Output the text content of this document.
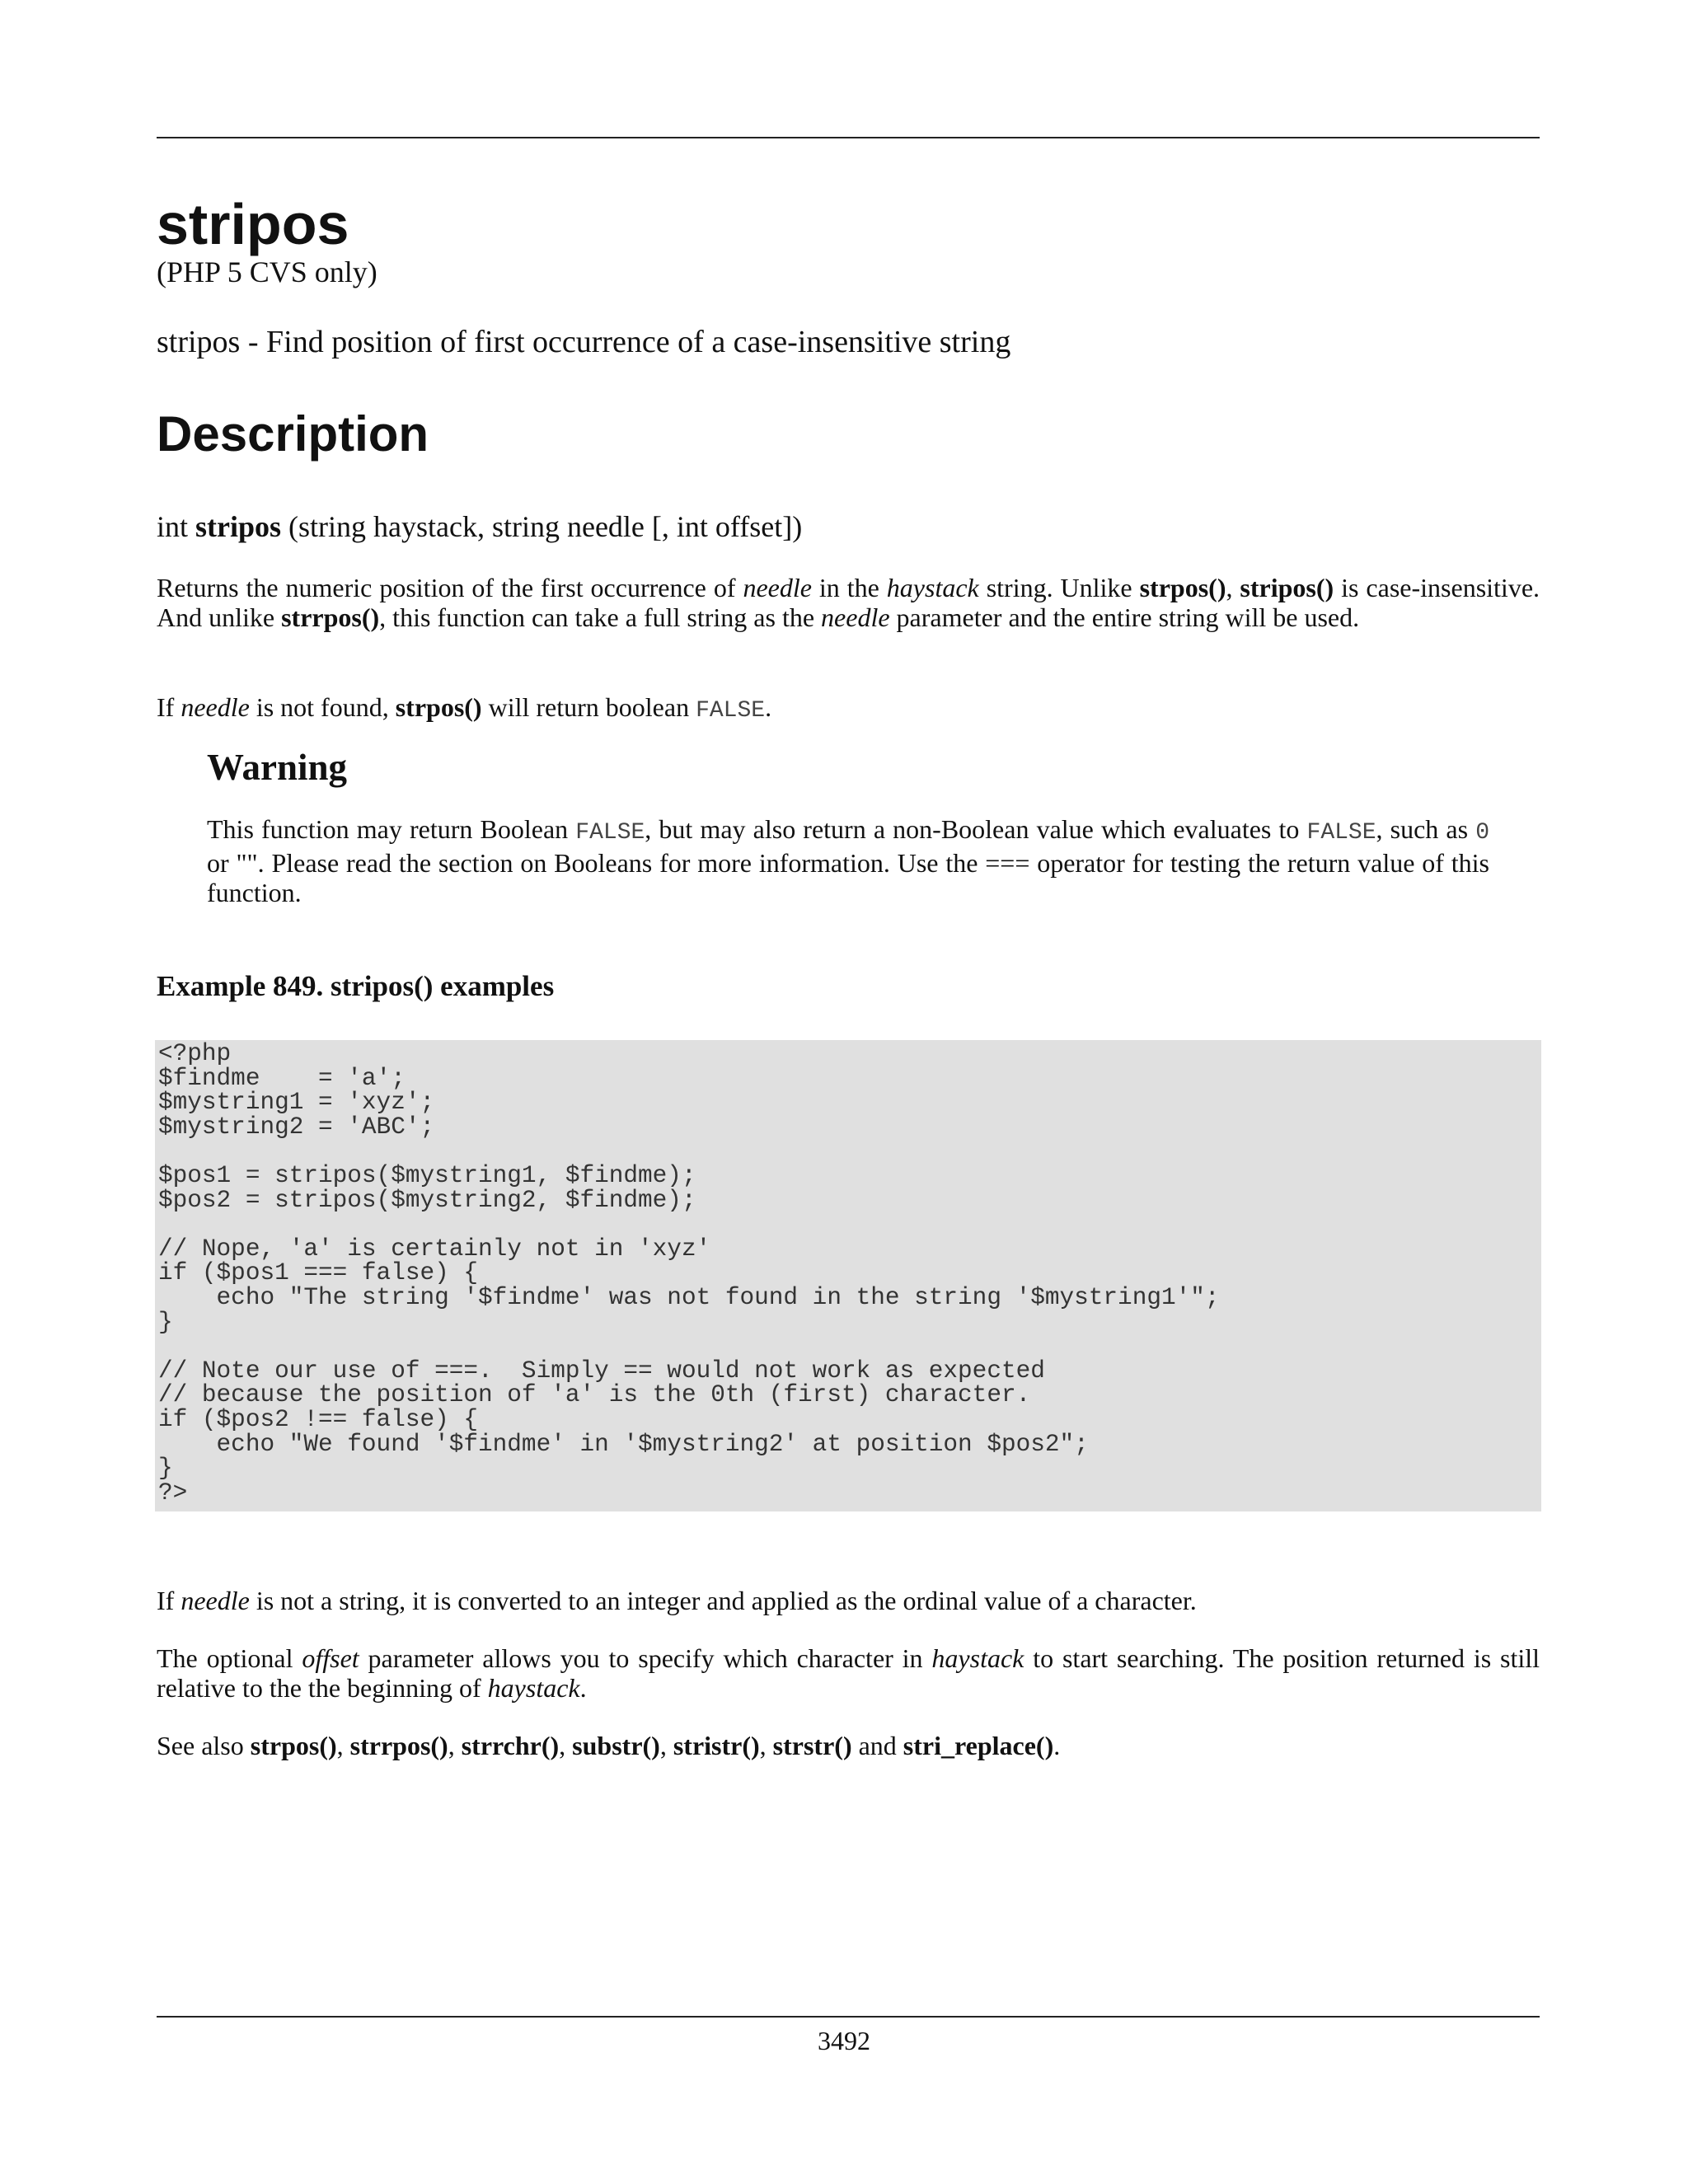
stripos
(PHP 5 CVS only)
stripos - Find position of first occurrence of a case-insensitive string
Description
int stripos (string haystack, string needle [, int offset])
Returns the numeric position of the first occurrence of needle in the haystack string. Unlike strpos(), stripos() is case-insensitive. And unlike strrpos(), this function can take a full string as the needle parameter and the entire string will be used.
If needle is not found, strpos() will return boolean FALSE.
Warning
This function may return Boolean FALSE, but may also return a non-Boolean value which evaluates to FALSE, such as 0 or "". Please read the section on Booleans for more information. Use the === operator for testing the return value of this function.
Example 849. stripos() examples
<?php
$findme    = 'a';
$mystring1 = 'xyz';
$mystring2 = 'ABC';

$pos1 = stripos($mystring1, $findme);
$pos2 = stripos($mystring2, $findme);

// Nope, 'a' is certainly not in 'xyz'
if ($pos1 === false) {
echo "The string '$findme' was not found in the string '$mystring1'";
}

// Note our use of ===.  Simply == would not work as expected
// because the position of 'a' is the 0th (first) character.
if ($pos2 !== false) {
echo "We found '$findme' in '$mystring2' at position $pos2";
}
?>
If needle is not a string, it is converted to an integer and applied as the ordinal value of a character.
The optional offset parameter allows you to specify which character in haystack to start searching. The position returned is still relative to the the beginning of haystack.
See also strpos(), strrpos(), strrchr(), substr(), stristr(), strstr() and stri_replace().
3492
